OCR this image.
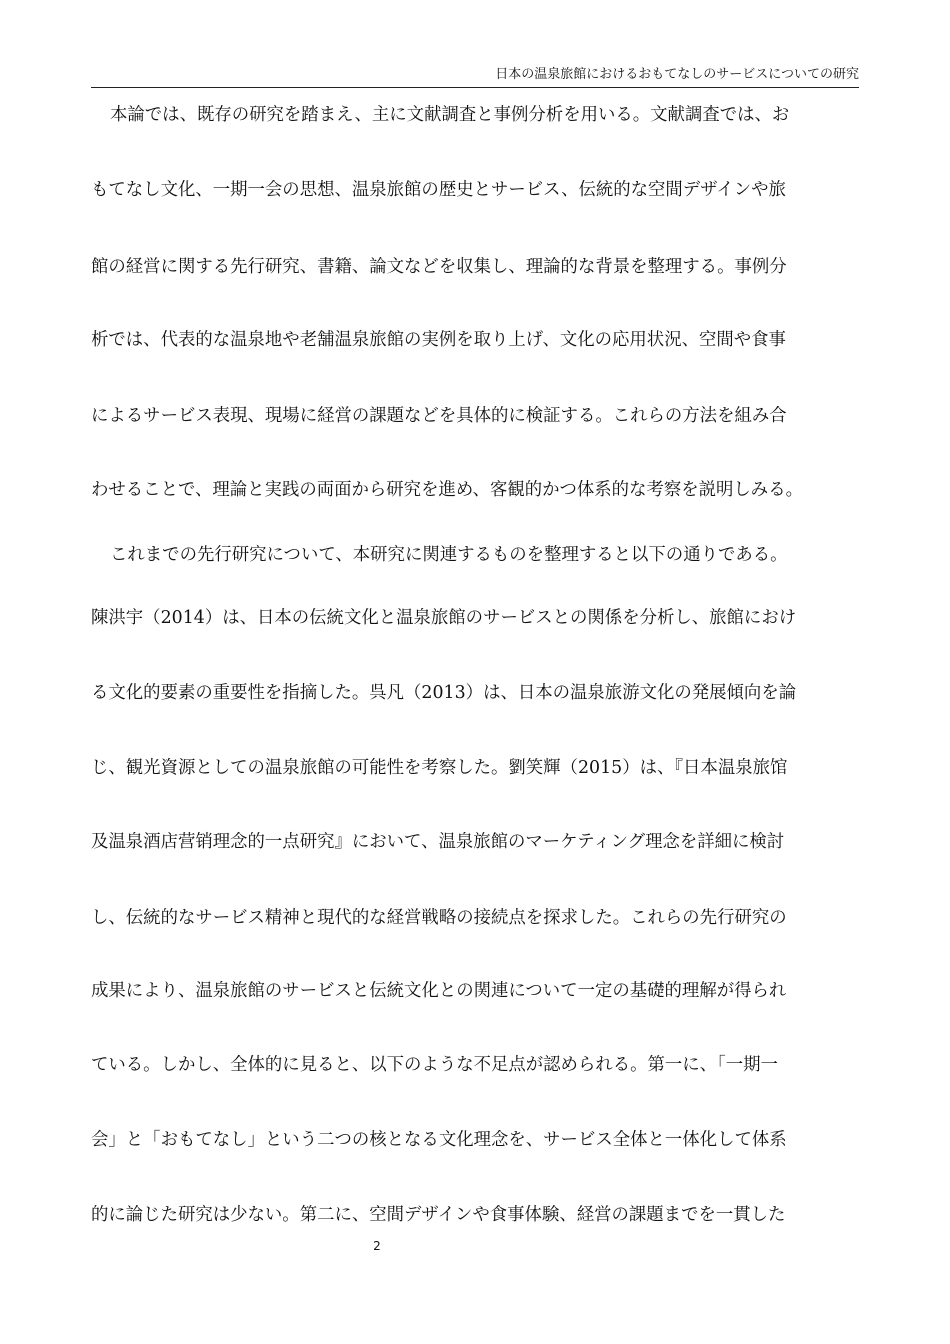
日本の温泉旅館におけるおもてなしのサービスについての研究
本論では、既存の研究を踏まえ、主に文献調査と事例分析を用いる。文献調査では、お
もてなし文化、一期一会の思想、温泉旅館の歴史とサービス、伝統的な空間デザインや旅
館の経営に関する先行研究、書籍、論文などを収集し、理論的な背景を整理する。事例分
析では、代表的な温泉地や老舗温泉旅館の実例を取り上げ、文化の応用状況、空間や食事
によるサービス表現、現場に経営の課題などを具体的に検証する。これらの方法を組み合
わせることで、理論と実践の両面から研究を進め、客観的かつ体系的な考察を説明しみる。
これまでの先行研究について、本研究に関連するものを整理すると以下の通りである。
陳洪宇（2014）は、日本の伝統文化と温泉旅館のサービスとの関係を分析し、旅館におけ
る文化的要素の重要性を指摘した。呉凡（2013）は、日本の温泉旅游文化の発展傾向を論
じ、観光資源としての温泉旅館の可能性を考察した。劉笑輝（2015）は、『日本温泉旅馆
及温泉酒店营销理念的一点研究』において、温泉旅館のマーケティング理念を詳細に検討
し、伝統的なサービス精神と現代的な経営戦略の接続点を探求した。これらの先行研究の
成果により、温泉旅館のサービスと伝統文化との関連について一定の基礎的理解が得られ
ている。しかし、全体的に見ると、以下のような不足点が認められる。第一に、「一期一
会」と「おもてなし」という二つの核となる文化理念を、サービス全体と一体化して体系
的に論じた研究は少ない。第二に、空間デザインや食事体験、経営の課題までを一貫した
2
